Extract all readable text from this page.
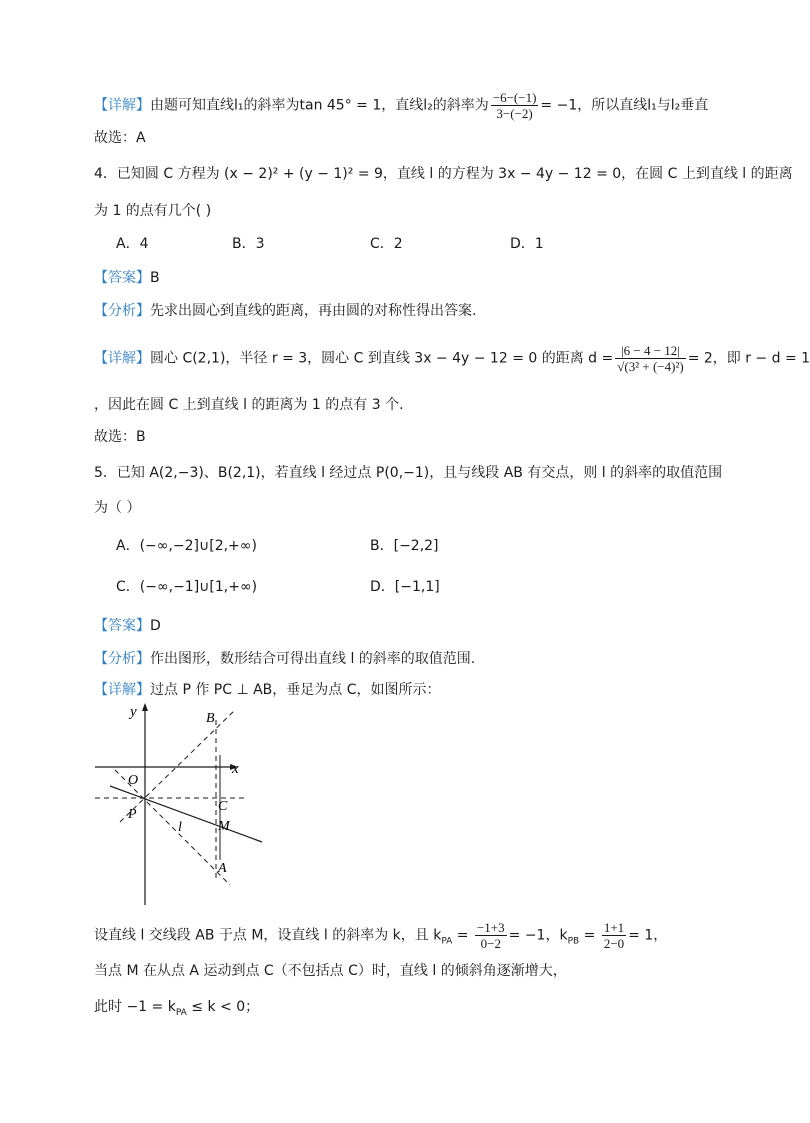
【详解】由题可知直线l₁的斜率为tan 45° = 1，直线l₂的斜率为 $\frac{-6-(-1)}{3-(-2)} = -1$，所以直线l₁与l₂垂直
故选：A
4．已知圆 C 方程为 (x − 2)² + (y − 1)² = 9，直线 l 的方程为 3x − 4y − 12 = 0，在圆 C 上到直线 l 的距离
为 1 的点有几个( )
A．4	B．3	C．2	D．1
【答案】B
【分析】先求出圆心到直线的距离，再由圆的对称性得出答案.
【详解】圆心 C(2,1)，半径 r = 3，圆心 C 到直线 3x − 4y − 12 = 0 的距离 $d = \frac{|6 - 4 - 12|}{\text{√(3² + (−4)²)}} = 2$，即 r − d = 1
，因此在圆 C 上到直线 l 的距离为 1 的点有 3 个.
故选：B
5．已知 A(2,−3)、B(2,1)，若直线 l 经过点 P(0,−1)，且与线段 AB 有交点，则 l 的斜率的取值范围
为（ ）
A．(−∞,−2]∪[2,+∞)	B．[−2,2]
C．(−∞,−1]∪[1,+∞)	D．[−1,1]
【答案】D
【分析】作出图形，数形结合可得出直线 l 的斜率的取值范围.
【详解】过点 P 作 PC ⊥ AB，垂足为点 C，如图所示：
y
x
O
P
B
C
M
A
l
设直线 l 交线段 AB 于点 M，设直线 l 的斜率为 k，且 $k_{PA} = \frac{-1+3}{0-2} = -1$，$k_{PB} = \frac{1+1}{2-0} = 1$，
当点 M 在从点 A 运动到点 C（不包括点 C）时，直线 l 的倾斜角逐渐增大，
此时 $-1 = k_{PA} \le k < 0$；
